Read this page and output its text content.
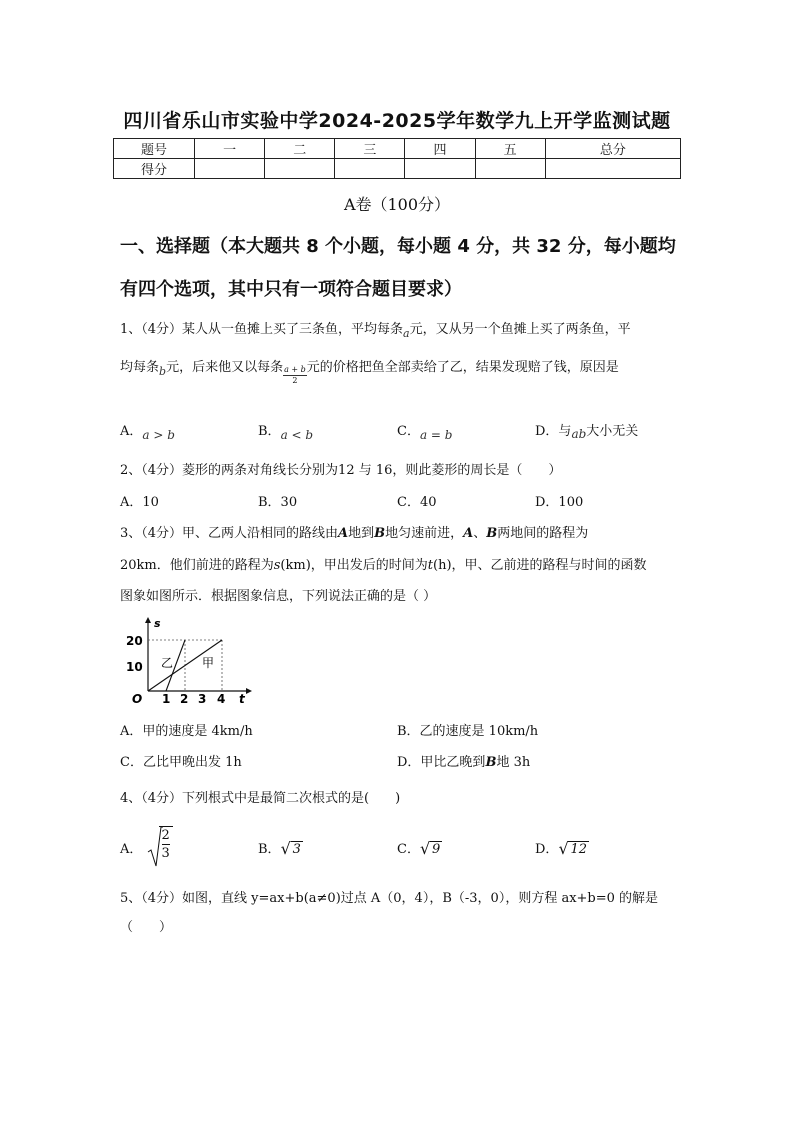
四川省乐山市实验中学2024-2025学年数学九上开学监测试题
题号	一	二	三	四	五	总分
得分						
A卷（100分）
一、选择题（本大题共 8 个小题，每小题 4 分，共 32 分，每小题均
有四个选项，其中只有一项符合题目要求）
1、（4分）某人从一鱼摊上买了三条鱼，平均每条$_a$元，又从另一个鱼摊上买了两条鱼，平
均每条$_b$元，后来他又以每条 $\frac{a + b}{2}$ 元的价格把鱼全部卖给了乙，结果发现赔了钱，原因是
A．a > b	B．a < b	C．a = b	D．与ab大小无关
2、（4分）菱形的两条对角线长分别为12 与 16，则此菱形的周长是（　　）
A．10	B．30	C．40	D．100
3、（4分）甲、乙两人沿相同的路线由A地到B地匀速前进，A、B两地间的路程为
20km．他们前进的路程为s(km)，甲出发后的时间为t(h)，甲、乙前进的路程与时间的函数
图象如图所示．根据图象信息，下列说法正确的是（ ）
s
t
O
20
10
1 2 3 4
乙 甲
A．甲的速度是 4km/h	B．乙的速度是 10km/h
C．乙比甲晚出发 1h	D．甲比乙晚到B地 3h
4、（4分）下列根式中是最简二次根式的是(　　)
A． $\frac{2}{3}$	B． √ 3	C． √ 9	D． √ 12
5、（4分）如图，直线 y=ax+b(a≠0)过点 A（0，4），B（-3，0），则方程 ax+b=0 的解是
（　　）
